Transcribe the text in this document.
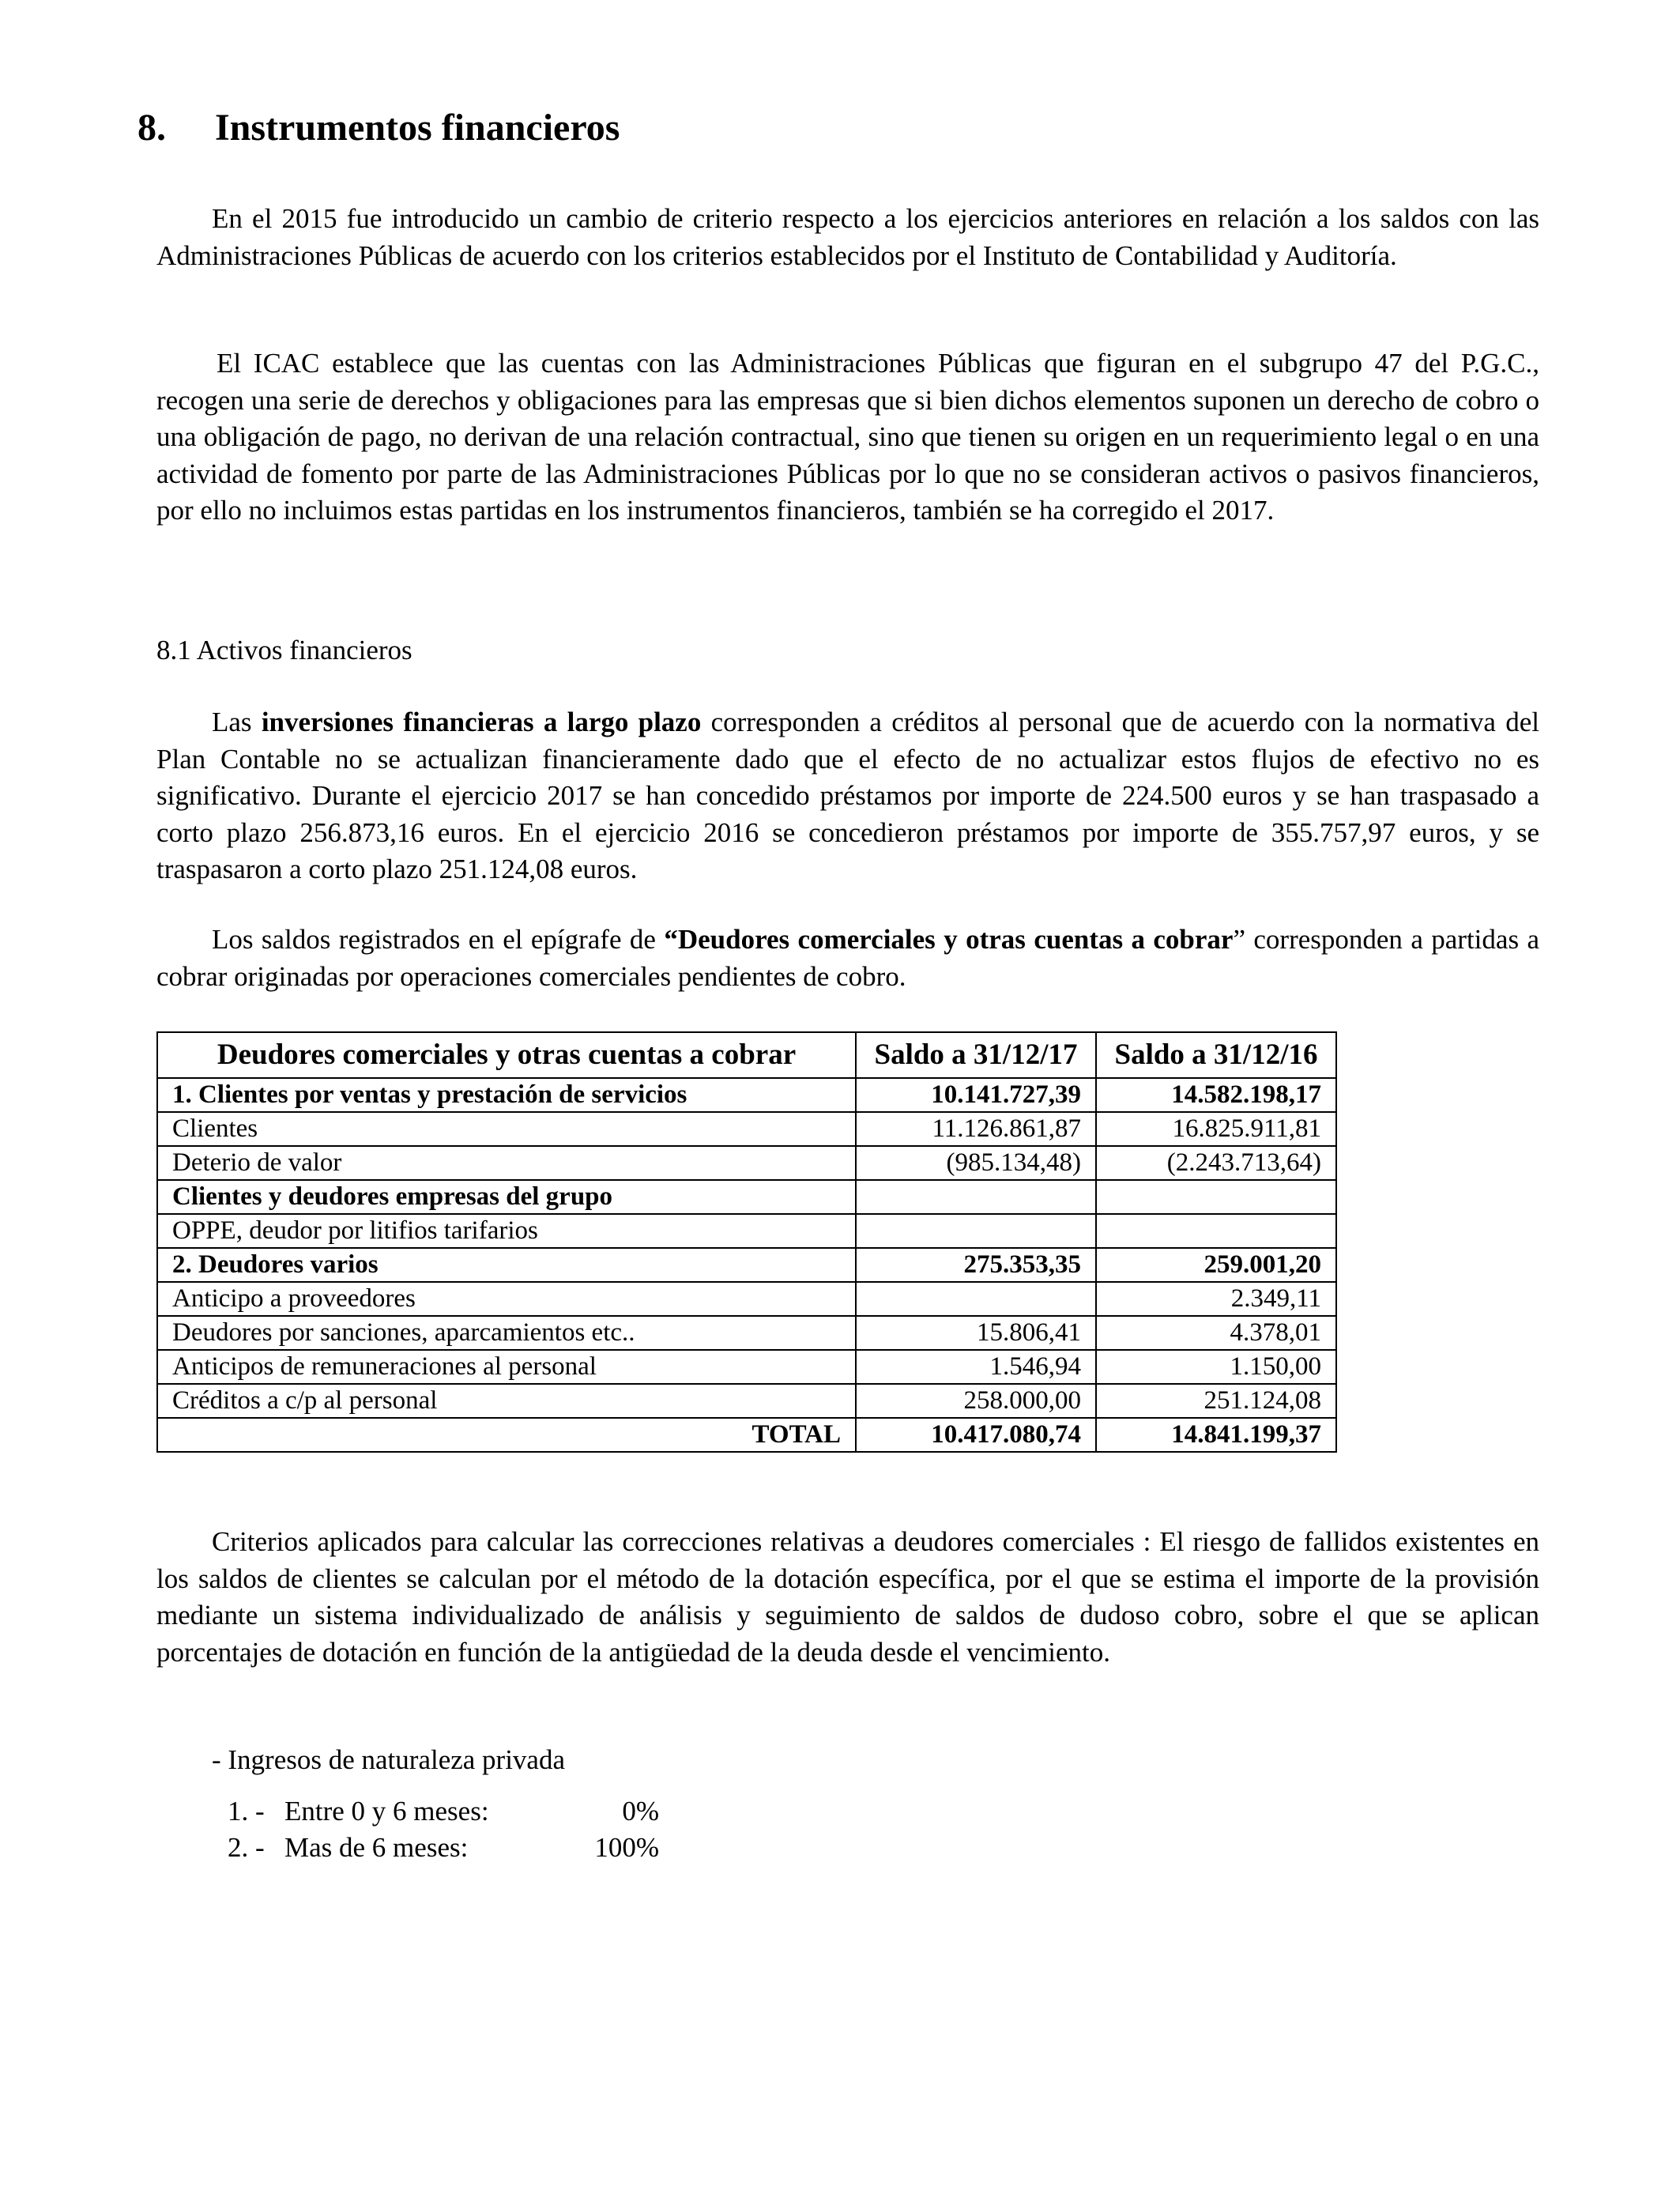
8. Instrumentos financieros
En el 2015 fue introducido un cambio de criterio respecto a los ejercicios anteriores en relación a los saldos con las Administraciones Públicas de acuerdo con los criterios establecidos por el Instituto de Contabilidad y Auditoría.
El ICAC establece que las cuentas con las Administraciones Públicas que figuran en el subgrupo 47 del P.G.C., recogen una serie de derechos y obligaciones para las empresas que si bien dichos elementos suponen un derecho de cobro o una obligación de pago, no derivan de una relación contractual, sino que tienen su origen en un requerimiento legal o en una actividad de fomento por parte de las Administraciones Públicas por lo que no se consideran activos o pasivos financieros, por ello no incluimos estas partidas en los instrumentos financieros, también se ha corregido el 2017.
8.1 Activos financieros
Las inversiones financieras a largo plazo corresponden a créditos al personal que de acuerdo con la normativa del Plan Contable no se actualizan financieramente dado que el efecto de no actualizar estos flujos de efectivo no es significativo. Durante el ejercicio 2017 se han concedido préstamos por importe de 224.500 euros y se han traspasado a corto plazo 256.873,16 euros. En el ejercicio 2016 se concedieron préstamos por importe de 355.757,97 euros, y se traspasaron a corto plazo 251.124,08 euros.
Los saldos registrados en el epígrafe de “Deudores comerciales y otras cuentas a cobrar” corresponden a partidas a cobrar originadas por operaciones comerciales pendientes de cobro.
Deudores comerciales y otras cuentas a cobrar	Saldo a 31/12/17	Saldo a 31/12/16
1. Clientes por ventas y prestación de servicios	10.141.727,39	14.582.198,17
Clientes	11.126.861,87	16.825.911,81
Deterio de valor	(985.134,48)	(2.243.713,64)
Clientes y deudores empresas del grupo		
OPPE, deudor por litifios tarifarios		
2. Deudores varios	275.353,35	259.001,20
Anticipo a proveedores		2.349,11
Deudores por sanciones, aparcamientos etc..	15.806,41	4.378,01
Anticipos de remuneraciones al personal	1.546,94	1.150,00
Créditos a c/p al personal	258.000,00	251.124,08
TOTAL	10.417.080,74	14.841.199,37
Criterios aplicados para calcular las correcciones relativas a deudores comerciales : El riesgo de fallidos existentes en los saldos de clientes se calculan por el método de la dotación específica, por el que se estima el importe de la provisión mediante un sistema individualizado de análisis y seguimiento de saldos de dudoso cobro, sobre el que se aplican porcentajes de dotación en función de la antigüedad de la deuda desde el vencimiento.
- Ingresos de naturaleza privada
1. - Entre 0 y 6 meses:	0%
2. - Mas de 6 meses:	100%
